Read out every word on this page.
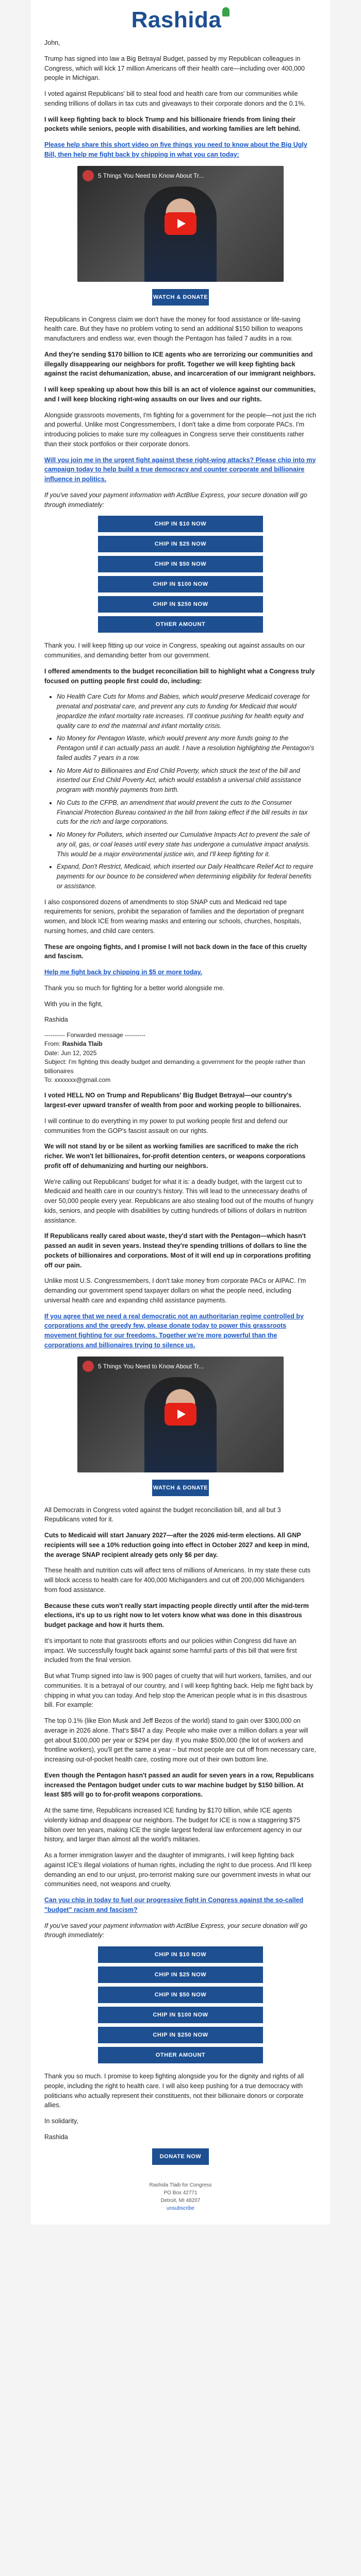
Rashida

John,

Trump has signed into law a Big Betrayal Budget, passed by my Republican colleagues in Congress, which will kick 17 million Americans off their health care—including over 400,000 people in Michigan.

I voted against Republicans' bill to steal food and health care from our communities while sending trillions of dollars in tax cuts and giveaways to their corporate donors and the 0.1%.

I will keep fighting back to block Trump and his billionaire friends from lining their pockets while seniors, people with disabilities, and working families are left behind.

Please help share this short video on five things you need to know about the Big Ugly Bill, then help me fight back by chipping in what you can today:

5 Things You Need to Know About Tr...
WATCH & DONATE

Republicans in Congress claim we don't have the money for food assistance or life-saving health care. But they have no problem voting to send an additional $150 billion to weapons manufacturers and endless war, even though the Pentagon has failed 7 audits in a row.

And they're sending $170 billion to ICE agents who are terrorizing our communities and illegally disappearing our neighbors for profit. Together we will keep fighting back against the racist dehumanization, abuse, and incarceration of our immigrant neighbors.

I will keep speaking up about how this bill is an act of violence against our communities, and I will keep blocking right-wing assaults on our lives and our rights.

Alongside grassroots movements, I'm fighting for a government for the people—not just the rich and powerful. Unlike most Congressmembers, I don't take a dime from corporate PACs. I'm introducing policies to make sure my colleagues in Congress serve their constituents rather than their stock portfolios or their corporate donors.

Will you join me in the urgent fight against these right-wing attacks? Please chip into my campaign today to help build a true democracy and counter corporate and billionaire influence in politics.

If you've saved your payment information with ActBlue Express, your secure donation will go through immediately:

CHIP IN $10 NOW
CHIP IN $25 NOW
CHIP IN $50 NOW
CHIP IN $100 NOW
CHIP IN $250 NOW
OTHER AMOUNT

Thank you. I will keep fitting up our voice in Congress, speaking out against assaults on our communities, and demanding better from our government.

I offered amendments to the budget reconciliation bill to highlight what a Congress truly focused on putting people first could do, including:

• No Health Care Cuts for Moms and Babies, which would preserve Medicaid coverage for prenatal and postnatal care, and prevent any cuts to funding for Medicaid that would jeopardize the infant mortality rate increases. I'll continue pushing for health equity and quality care to end the maternal and infant mortality crisis.
• No Money for Pentagon Waste, which would prevent any more funds going to the Pentagon until it can actually pass an audit. I have a resolution highlighting the Pentagon's failed audits 7 years in a row.
• No More Aid to Billionaires and End Child Poverty, which struck the text of the bill and inserted our End Child Poverty Act, which would establish a universal child assistance program with monthly payments from birth.
• No Cuts to the CFPB, an amendment that would prevent the cuts to the Consumer Financial Protection Bureau contained in the bill from taking effect if the bill results in tax cuts for the rich and large corporations.
• No Money for Polluters, which inserted our Cumulative Impacts Act to prevent the sale of any oil, gas, or coal leases until every state has undergone a cumulative impact analysis. This would be a major environmental justice win, and I'll keep fighting for it.
• Expand, Don't Restrict, Medicaid, which inserted our Daily Healthcare Relief Act to require payments for our bounce to be considered when determining eligibility for federal benefits or assistance.

I also cosponsored dozens of amendments to stop SNAP cuts and Medicaid red tape requirements for seniors, prohibit the separation of families and the deportation of pregnant women, and block ICE from wearing masks and entering our schools, churches, hospitals, nursing homes, and child care centers.

These are ongoing fights, and I promise I will not back down in the face of this cruelty and fascism.

Help me fight back by chipping in $5 or more today.

Thank you so much for fighting for a better world alongside me.

With you in the fight,

Rashida

---------- Forwarded message ----------
From: Rashida Tlaib
Date: Jun 12, 2025
Subject: I'm fighting this deadly budget and demanding a government for the people rather than billionaires
To: xxxxxxx@gmail.com

I voted HELL NO on Trump and Republicans' Big Budget Betrayal—our country's largest-ever upward transfer of wealth from poor and working people to billionaires.

I will continue to do everything in my power to put working people first and defend our communities from the GOP's fascist assault on our rights.

We will not stand by or be silent as working families are sacrificed to make the rich richer. We won't let billionaires, for-profit detention centers, or weapons corporations profit off of dehumanizing and hurting our neighbors.

We're calling out Republicans' budget for what it is: a deadly budget, with the largest cut to Medicaid and health care in our country's history. This will lead to the unnecessary deaths of over 50,000 people every year. Republicans are also stealing food out of the mouths of hungry kids, seniors, and people with disabilities by cutting hundreds of billions of dollars in nutrition assistance.

If Republicans really cared about waste, they'd start with the Pentagon—which hasn't passed an audit in seven years. Instead they're spending trillions of dollars to line the pockets of billionaires and corporations. Most of it will end up in corporations profiting off our pain.

Unlike most U.S. Congressmembers, I don't take money from corporate PACs or AIPAC. I'm demanding our government spend taxpayer dollars on what the people need, including universal health care and expanding child assistance payments.

If you agree that we need a real democratic not an authoritarian regime controlled by corporations and the greedy few, please donate today to power this grassroots movement fighting for our freedoms. Together we're more powerful than the corporations and billionaires trying to silence us.

5 Things You Need to Know About Tr...
WATCH & DONATE

All Democrats in Congress voted against the budget reconciliation bill, and all but 3 Republicans voted for it.

Cuts to Medicaid will start January 2027—after the 2026 mid-term elections. All GNP recipients will see a 10% reduction going into effect in October 2027 and keep in mind, the average SNAP recipient already gets only $6 per day.

These health and nutrition cuts will affect tens of millions of Americans. In my state these cuts will block access to health care for 400,000 Michiganders and cut off 200,000 Michiganders from food assistance.

Because these cuts won't really start impacting people directly until after the mid-term elections, it's up to us right now to let voters know what was done in this disastrous budget package and how it hurts them.

It's important to note that grassroots efforts and our policies within Congress did have an impact. We successfully fought back against some harmful parts of this bill that were first included from the final version.

But what Trump signed into law is 900 pages of cruelty that will hurt workers, families, and our communities. It is a betrayal of our country, and I will keep fighting back. Help me fight back by chipping in what you can today. And help stop the American people what is in this disastrous bill. For example:

The top 0.1% (like Elon Musk and Jeff Bezos of the world) stand to gain over $300,000 on average in 2026 alone. That's $847 a day. People who make over a million dollars a year will get about $100,000 per year or $294 per day. If you make $500,000 (the lot of workers and frontline workers), you'll get the same a year – but most people are cut off from necessary care, increasing out-of-pocket health care, costing more out of their own bottom line.

Even though the Pentagon hasn't passed an audit for seven years in a row, Republicans increased the Pentagon budget under cuts to war machine budget by $150 billion. At least $85 will go to for-profit weapons corporations.

At the same time, Republicans increased ICE funding by $170 billion, while ICE agents violently kidnap and disappear our neighbors. The budget for ICE is now a staggering $75 billion over ten years, making ICE the single largest federal law enforcement agency in our history, and larger than almost all the world's militaries.

As a former immigration lawyer and the daughter of immigrants, I will keep fighting back against ICE's illegal violations of human rights, including the right to due process. And I'll keep demanding an end to our unjust, pro-terrorist making sure our government invests in what our communities need, not weapons and cruelty.

Can you chip in today to fuel our progressive fight in Congress against the so-called "budget" racism and fascism?

If you've saved your payment information with ActBlue Express, your secure donation will go through immediately:

CHIP IN $10 NOW
CHIP IN $25 NOW
CHIP IN $50 NOW
CHIP IN $100 NOW
CHIP IN $250 NOW
OTHER AMOUNT

Thank you so much. I promise to keep fighting alongside you for the dignity and rights of all people, including the right to health care. I will also keep pushing for a true democracy with politicians who actually represent their constituents, not their billionaire donors or corporate allies.

In solidarity,

Rashida

DONATE NOW
Rashida Tlaib for Congress
PO Box 42771
Detroit, MI 48207
unsubscribe
